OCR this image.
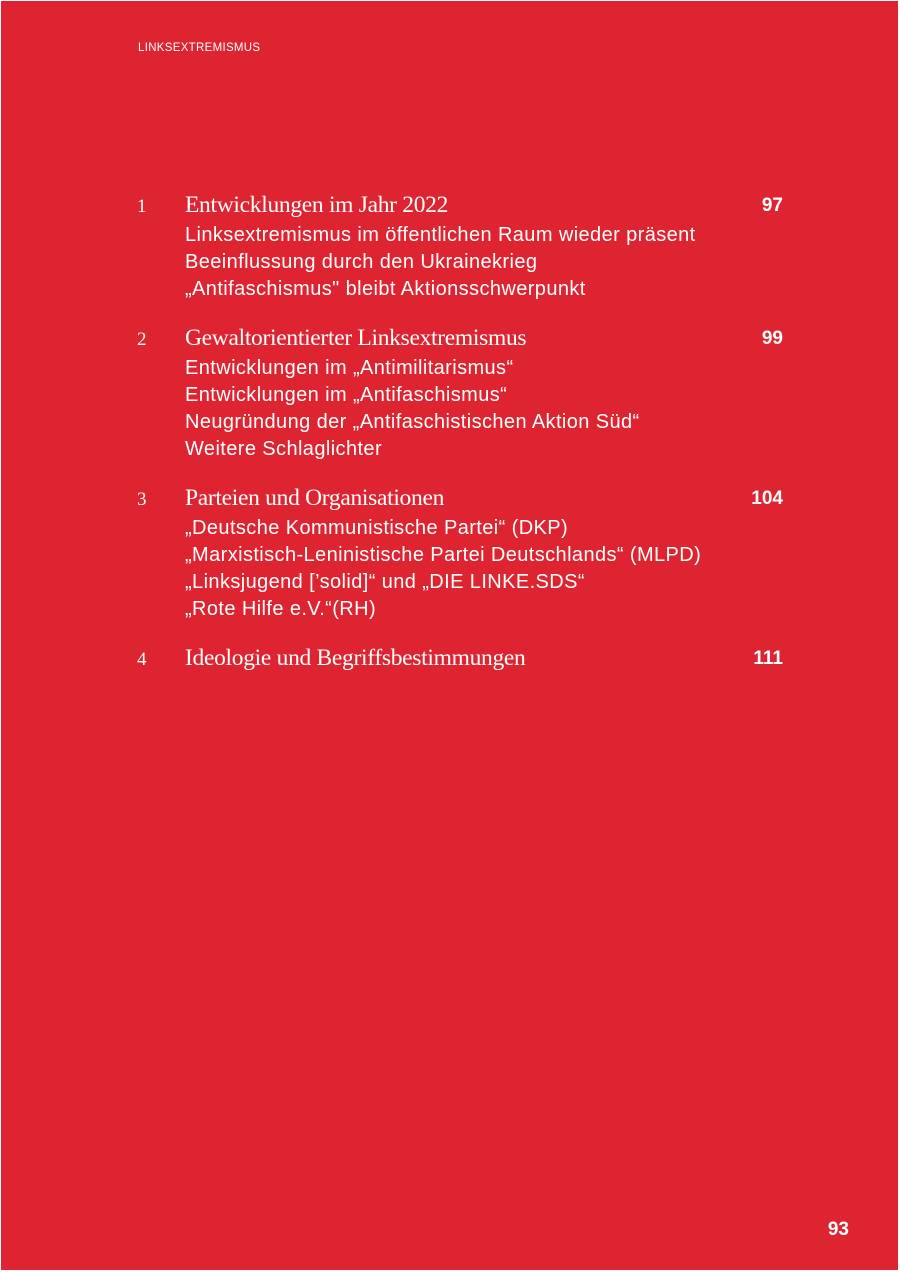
LINKSEXTREMISMUS
1 Entwicklungen im Jahr 2022	97
Linksextremismus im öffentlichen Raum wieder präsent
Beeinflussung durch den Ukrainekrieg
„Antifaschismus" bleibt Aktionsschwerpunkt
2 Gewaltorientierter Linksextremismus	99
Entwicklungen im „Antimilitarismus“
Entwicklungen im „Antifaschismus“
Neugründung der „Antifaschistischen Aktion Süd“
Weitere Schlaglichter
3 Parteien und Organisationen	104
„Deutsche Kommunistische Partei“ (DKP)
„Marxistisch-Leninistische Partei Deutschlands“ (MLPD)
„Linksjugend [’solid]“ und „DIE LINKE.SDS“
„Rote Hilfe e.V.“(RH)
4 Ideologie und Begriffsbestimmungen	111
93
